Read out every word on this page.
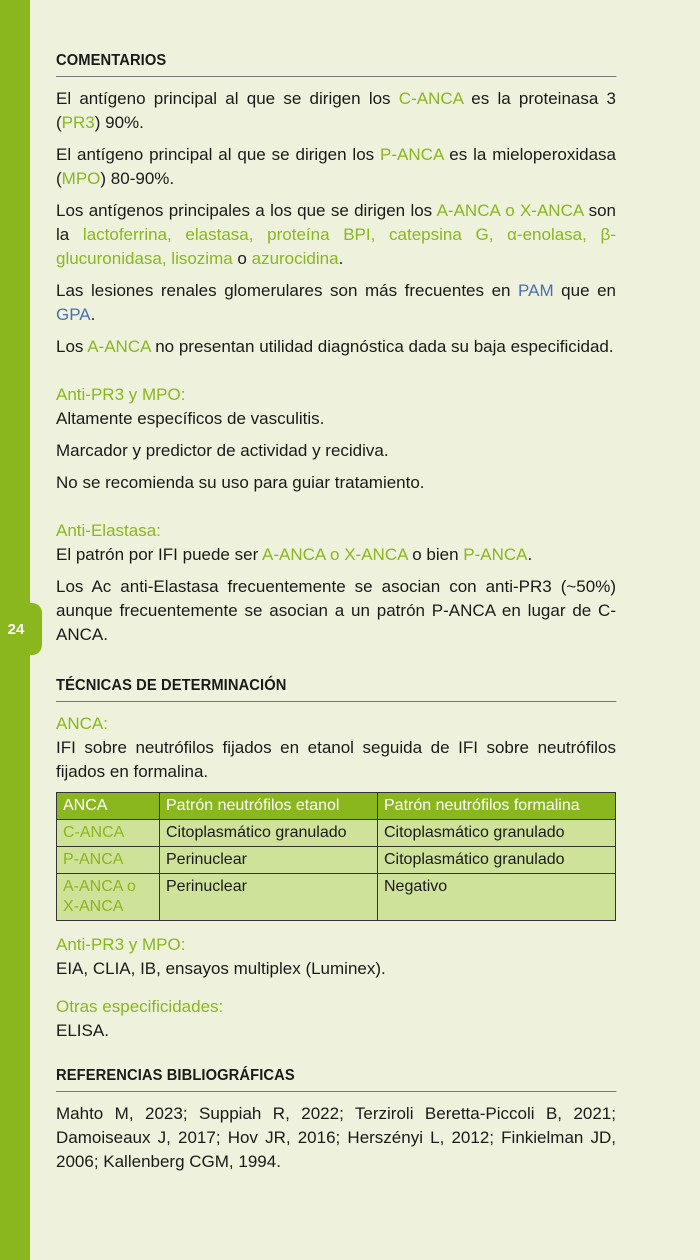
24
COMENTARIOS

El antígeno principal al que se dirigen los C-ANCA es la proteinasa 3 (PR3) 90%.

El antígeno principal al que se dirigen los P-ANCA es la mieloperoxidasa (MPO) 80-90%.

Los antígenos principales a los que se dirigen los A-ANCA o X-ANCA son la lactoferrina, elastasa, proteína BPI, catepsina G, α-enolasa, β-glucuronidasa, lisozima o azurocidina.

Las lesiones renales glomerulares son más frecuentes en PAM que en GPA.

Los A-ANCA no presentan utilidad diagnóstica dada su baja especificidad.

Anti-PR3 y MPO:

Altamente específicos de vasculitis.

Marcador y predictor de actividad y recidiva.

No se recomienda su uso para guiar tratamiento.

Anti-Elastasa:

El patrón por IFI puede ser A-ANCA o X-ANCA o bien P-ANCA.

Los Ac anti-Elastasa frecuentemente se asocian con anti-PR3 (~50%) aunque frecuentemente se asocian a un patrón P-ANCA en lugar de C-ANCA.

TÉCNICAS DE DETERMINACIÓN
ANCA:

IFI sobre neutrófilos fijados en etanol seguida de IFI sobre neutrófilos fijados en formalina.

ANCA	Patrón neutrófilos etanol	Patrón neutrófilos formalina
C-ANCA	Citoplasmático granulado	Citoplasmático granulado
P-ANCA	Perinuclear	Citoplasmático granulado
A-ANCA o X-ANCA	Perinuclear	Negativo
Anti-PR3 y MPO:

EIA, CLIA, IB, ensayos multiplex (Luminex).

Otras especificidades:

ELISA.

REFERENCIAS BIBLIOGRÁFICAS

Mahto M, 2023; Suppiah R, 2022; Terziroli Beretta-Piccoli B, 2021; Damoiseaux J, 2017; Hov JR, 2016; Herszényi L, 2012; Finkielman JD, 2006; Kallenberg CGM, 1994.
